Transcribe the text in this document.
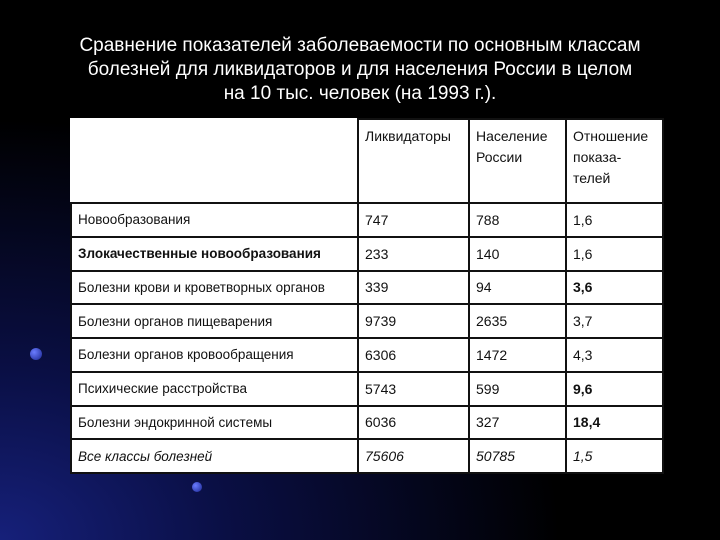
Сравнение показателей заболеваемости по основным классам
болезней для ликвидаторов и для населения России в целом
на 10 тыс. человек (на 1993 г.).
	Ликвидаторы	Население России	Отношение показа-телей
Новообразования	747	788	1,6
Злокачественные новообразования	233	140	1,6
Болезни крови и кроветворных органов	339	94	3,6
Болезни органов пищеварения	9739	2635	3,7
Болезни органов кровообращения	6306	1472	4,3
Психические расстройства	5743	599	9,6
Болезни эндокринной системы	6036	327	18,4
Все классы болезней	75606	50785	1,5
